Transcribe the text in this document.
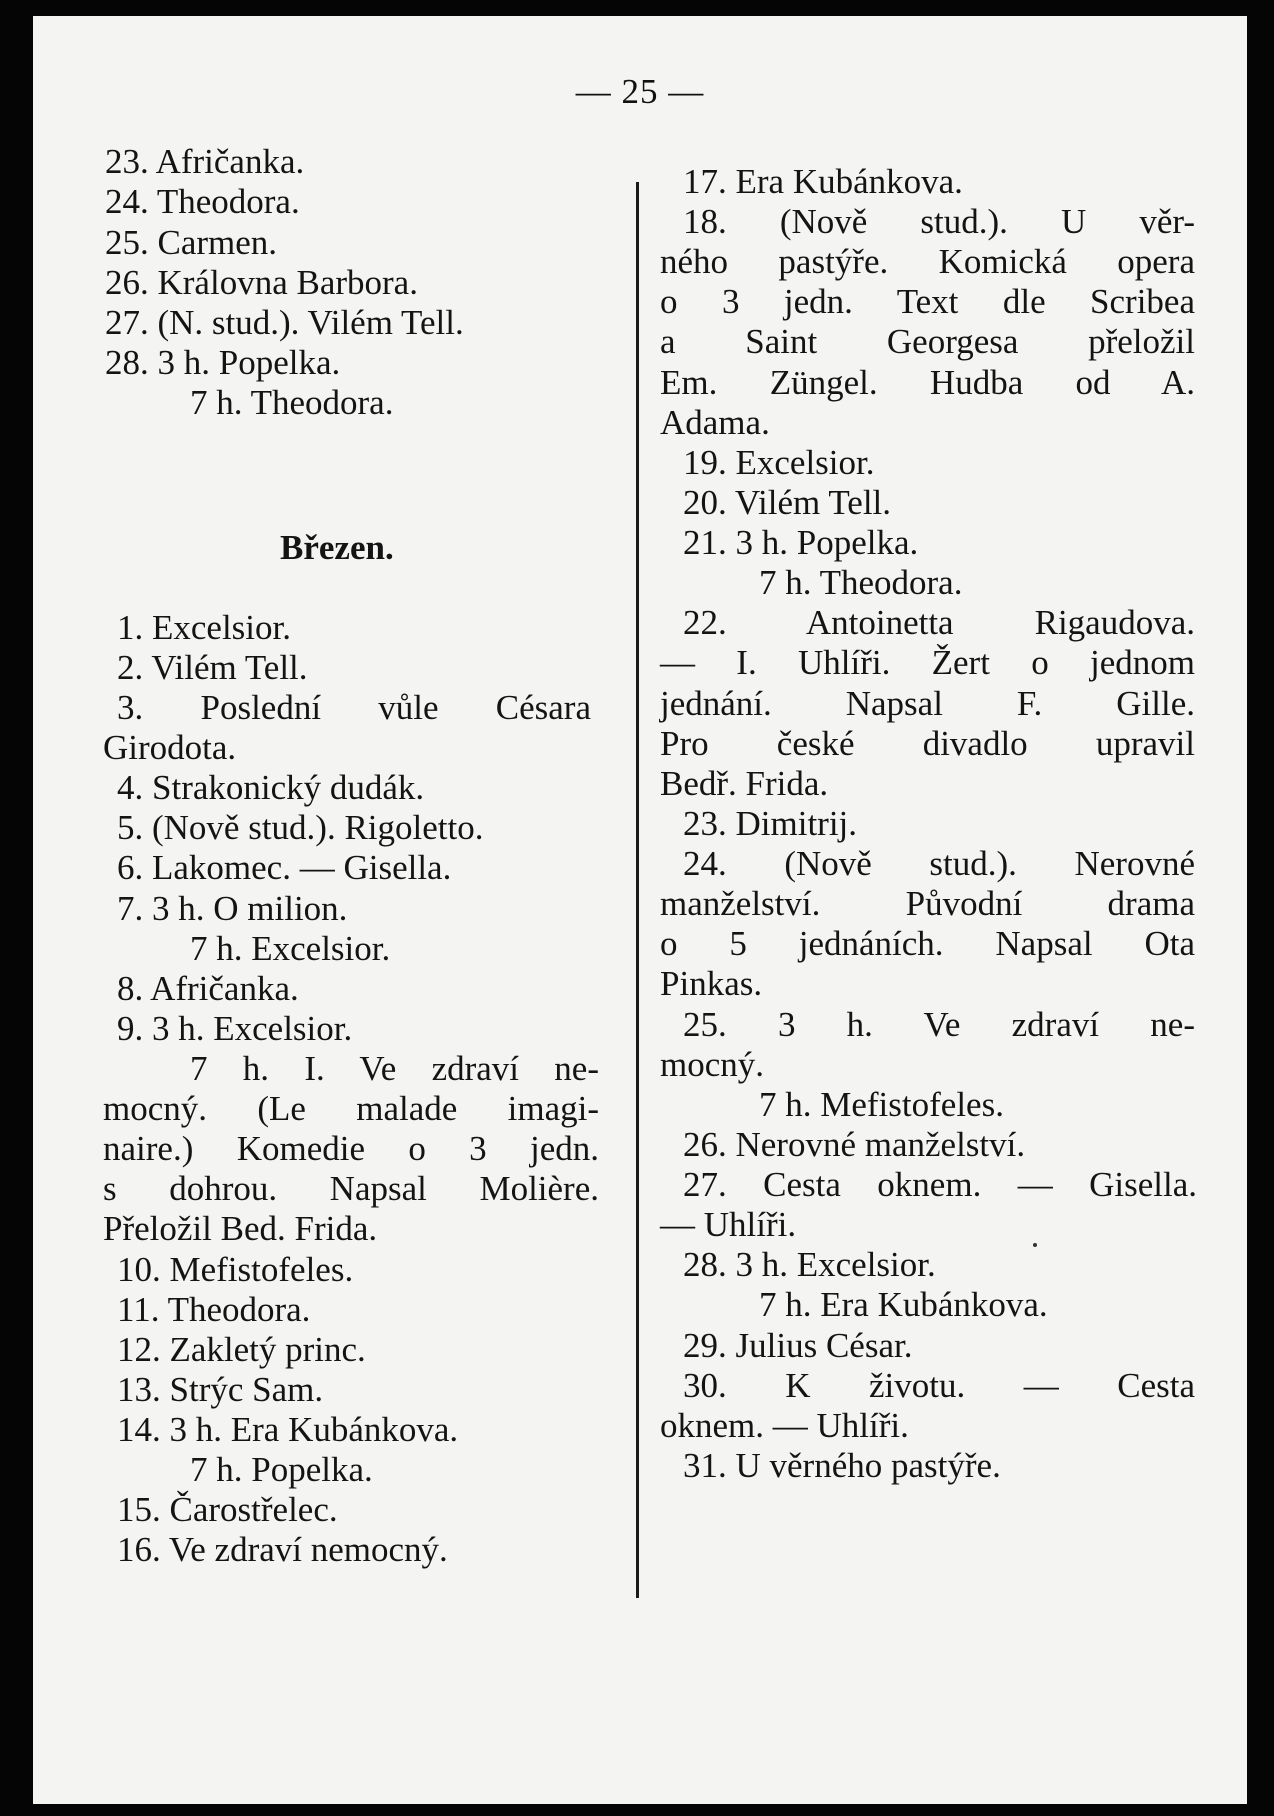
— 25 —
23. Afričanka.
24. Theodora.
25. Carmen.
26. Královna Barbora.
27. (N. stud.). Vilém Tell.
28. 3 h. Popelka.
7 h. Theodora.
Březen.
1. Excelsior.
2. Vilém Tell.
3. Poslední vůle Césara
Girodota.
4. Strakonický dudák.
5. (Nově stud.). Rigoletto.
6. Lakomec. — Gisella.
7. 3 h. O milion.
7 h. Excelsior.
8. Afričanka.
9. 3 h. Excelsior.
7 h. I. Ve zdraví ne-
mocný. (Le malade imagi-
naire.) Komedie o 3 jedn.
s dohrou. Napsal Molière.
Přeložil Bed. Frida.
10. Mefistofeles.
11. Theodora.
12. Zakletý princ.
13. Strýc Sam.
14. 3 h. Era Kubánkova.
7 h. Popelka.
15. Čarostřelec.
16. Ve zdraví nemocný.
17. Era Kubánkova.
18. (Nově stud.). U věr-
ného pastýře. Komická opera
o 3 jedn. Text dle Scribea
a Saint Georgesa přeložil
Em. Züngel. Hudba od A.
Adama.
19. Excelsior.
20. Vilém Tell.
21. 3 h. Popelka.
7 h. Theodora.
22. Antoinetta Rigaudova.
— I. Uhlíři. Žert o jednom
jednání. Napsal F. Gille.
Pro české divadlo upravil
Bedř. Frida.
23. Dimitrij.
24. (Nově stud.). Nerovné
manželství. Původní drama
o 5 jednáních. Napsal Ota
Pinkas.
25. 3 h. Ve zdraví ne-
mocný.
7 h. Mefistofeles.
26. Nerovné manželství.
27. Cesta oknem. — Gisella.
— Uhlíři.
28. 3 h. Excelsior.
7 h. Era Kubánkova.
29. Julius César.
30. K životu. — Cesta
oknem. — Uhlíři.
31. U věrného pastýře.
